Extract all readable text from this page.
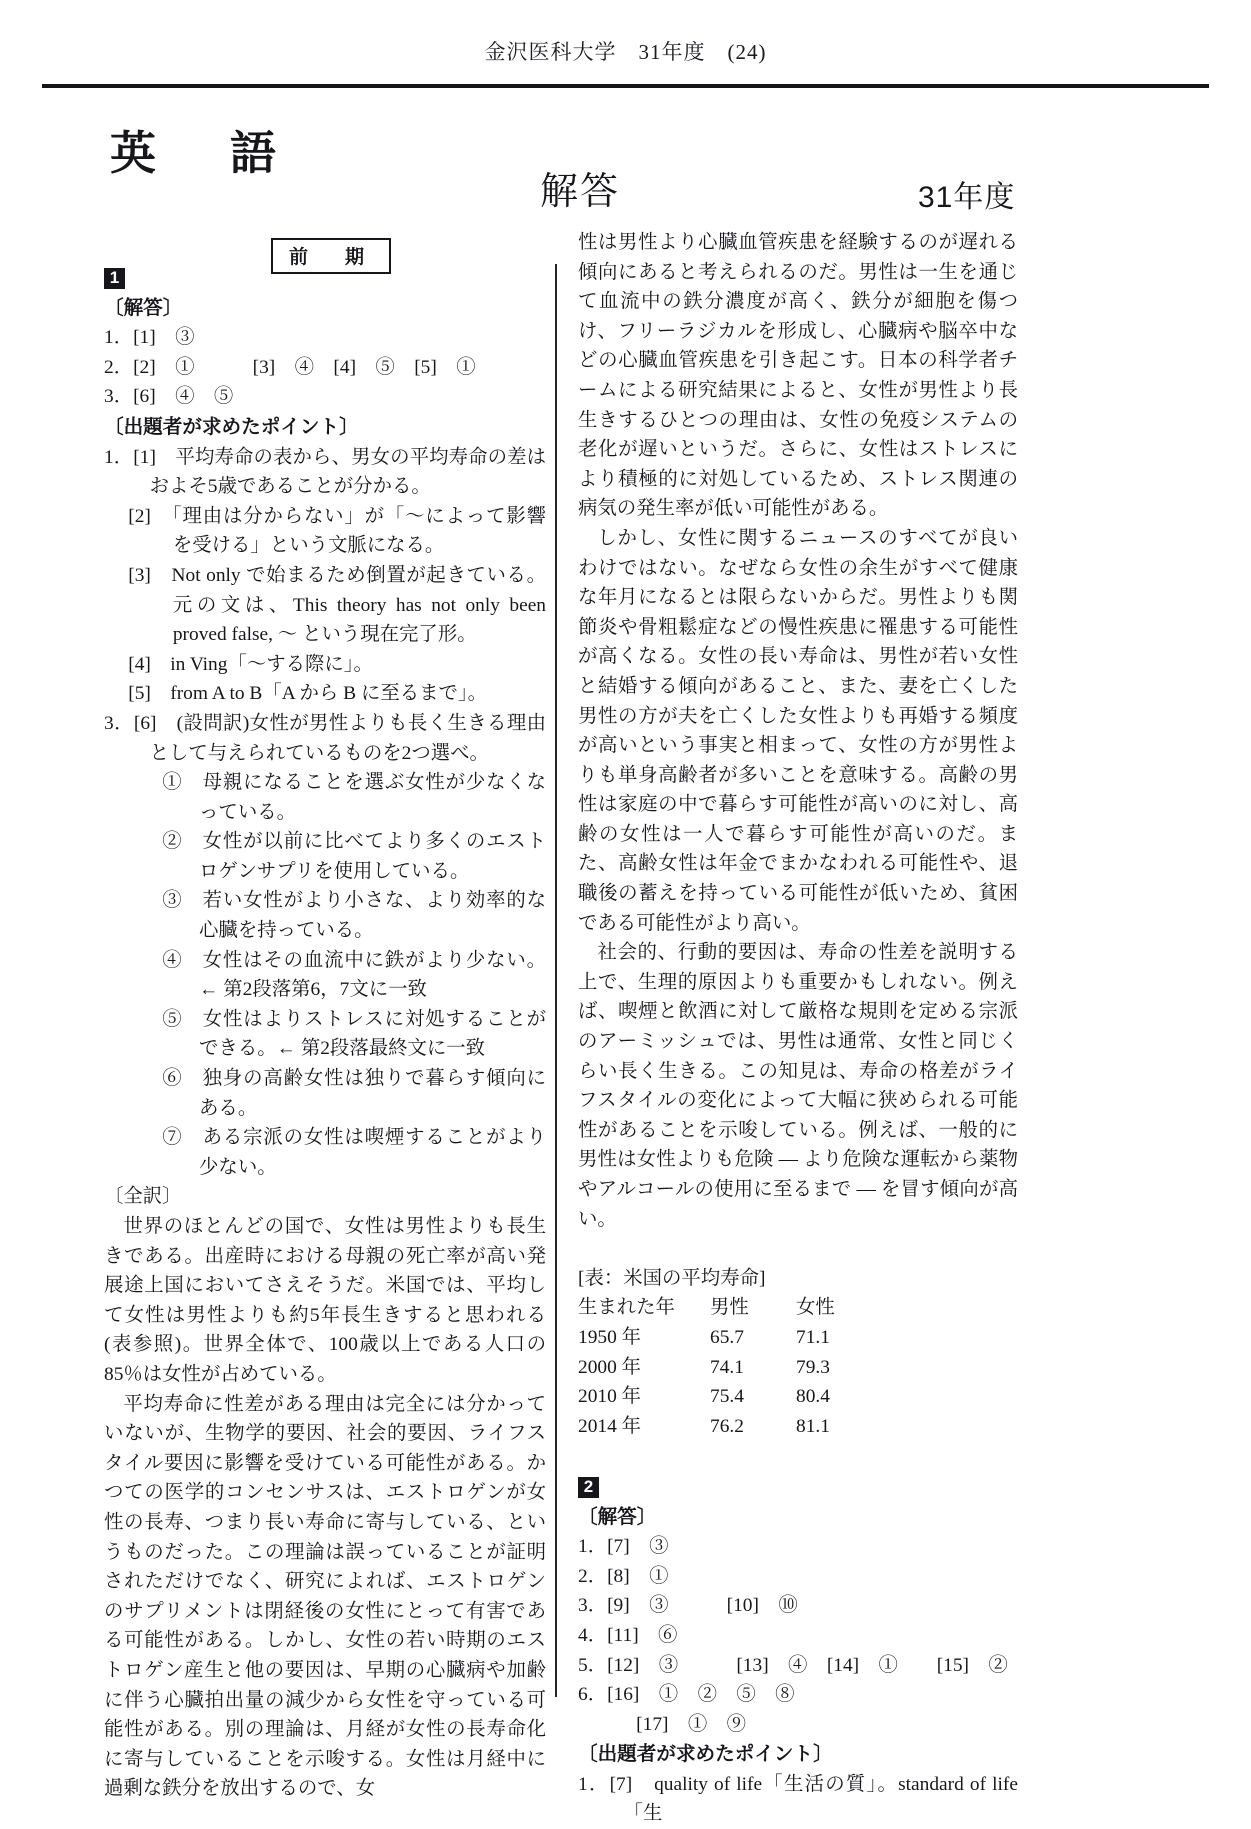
金沢医科大学　31年度　(24)
英　語
解答	31年度
前　期
1
〔解答〕
1．[1]　③
2．[2]　①　　　[3]　④　[4]　⑤　[5]　①
3．[6]　④　⑤
〔出題者が求めたポイント〕
1．[1]　平均寿命の表から、男女の平均寿命の差はおよそ5歳であることが分かる。
[2]　「理由は分からない」が「～によって影響を受ける」という文脈になる。
[3]　Not only で始まるため倒置が起きている。元の文は、This theory has not only been proved false, ～ という現在完了形。
[4]　in Ving「～する際に」。
[5]　from A to B「A から B に至るまで」。
3．[6]　(設問訳)女性が男性よりも長く生きる理由として与えられているものを2つ選べ。
①　母親になることを選ぶ女性が少なくなっている。
②　女性が以前に比べてより多くのエストロゲンサプリを使用している。
③　若い女性がより小さな、より効率的な心臓を持っている。
④　女性はその血流中に鉄がより少ない。← 第2段落第6，7文に一致
⑤　女性はよりストレスに対処することができる。← 第2段落最終文に一致
⑥　独身の高齢女性は独りで暮らす傾向にある。
⑦　ある宗派の女性は喫煙することがより少ない。
〔全訳〕

世界のほとんどの国で、女性は男性よりも長生きである。出産時における母親の死亡率が高い発展途上国においてさえそうだ。米国では、平均して女性は男性よりも約5年長生きすると思われる(表参照)。世界全体で、100歳以上である人口の85％は女性が占めている。

平均寿命に性差がある理由は完全には分かっていないが、生物学的要因、社会的要因、ライフスタイル要因に影響を受けている可能性がある。かつての医学的コンセンサスは、エストロゲンが女性の長寿、つまり長い寿命に寄与している、というものだった。この理論は誤っていることが証明されただけでなく、研究によれば、エストロゲンのサプリメントは閉経後の女性にとって有害である可能性がある。しかし、女性の若い時期のエストロゲン産生と他の要因は、早期の心臓病や加齢に伴う心臓拍出量の減少から女性を守っている可能性がある。別の理論は、月経が女性の長寿命化に寄与していることを示唆する。女性は月経中に過剰な鉄分を放出するので、女

性は男性より心臓血管疾患を経験するのが遅れる傾向にあると考えられるのだ。男性は一生を通じて血流中の鉄分濃度が高く、鉄分が細胞を傷つけ、フリーラジカルを形成し、心臓病や脳卒中などの心臓血管疾患を引き起こす。日本の科学者チームによる研究結果によると、女性が男性より長生きするひとつの理由は、女性の免疫システムの老化が遅いというだ。さらに、女性はストレスにより積極的に対処しているため、ストレス関連の病気の発生率が低い可能性がある。

しかし、女性に関するニュースのすべてが良いわけではない。なぜなら女性の余生がすべて健康な年月になるとは限らないからだ。男性よりも関節炎や骨粗鬆症などの慢性疾患に罹患する可能性が高くなる。女性の長い寿命は、男性が若い女性と結婚する傾向があること、また、妻を亡くした男性の方が夫を亡くした女性よりも再婚する頻度が高いという事実と相まって、女性の方が男性よりも単身高齢者が多いことを意味する。高齢の男性は家庭の中で暮らす可能性が高いのに対し、高齢の女性は一人で暮らす可能性が高いのだ。また、高齢女性は年金でまかなわれる可能性や、退職後の蓄えを持っている可能性が低いため、貧困である可能性がより高い。

社会的、行動的要因は、寿命の性差を説明する上で、生理的原因よりも重要かもしれない。例えば、喫煙と飲酒に対して厳格な規則を定める宗派のアーミッシュでは、男性は通常、女性と同じくらい長く生きる。この知見は、寿命の格差がライフスタイルの変化によって大幅に狭められる可能性があることを示唆している。例えば、一般的に男性は女性よりも危険 ― より危険な運転から薬物やアルコールの使用に至るまで ― を冒す傾向が高い。

[表：米国の平均寿命]
生まれた年	男性	女性
1950 年	65.7	71.1
2000 年	74.1	79.3
2010 年	75.4	80.4
2014 年	76.2	81.1
2
〔解答〕
1．[7]　③
2．[8]　①
3．[9]　③　　　[10]　⑩
4．[11]　⑥
5．[12]　③　　　[13]　④　[14]　①　　[15]　②
6．[16]　①　②　⑤　⑧
　　　[17]　①　⑨
〔出題者が求めたポイント〕
1．[7]　quality of life「生活の質」。standard of life「生
